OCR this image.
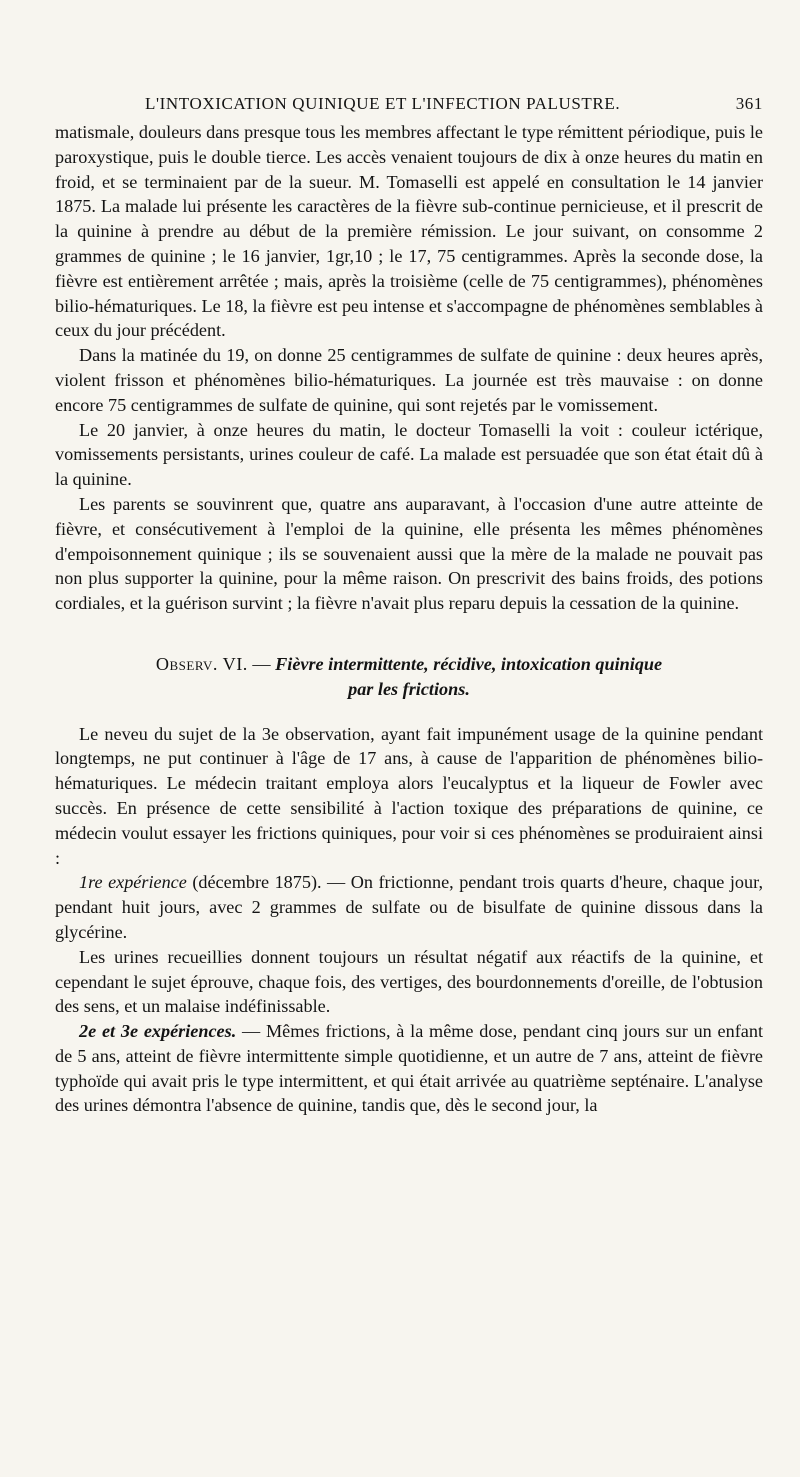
L'INTOXICATION QUINIQUE ET L'INFECTION PALUSTRE.	361

matismale, douleurs dans presque tous les membres affectant le type rémittent périodique, puis le paroxystique, puis le double tierce. Les accès venaient toujours de dix à onze heures du matin en froid, et se terminaient par de la sueur. M. Tomaselli est appelé en consultation le 14 janvier 1875. La malade lui présente les caractères de la fièvre sub-continue pernicieuse, et il prescrit de la quinine à prendre au début de la première rémission. Le jour suivant, on consomme 2 grammes de quinine ; le 16 janvier, 1gr,10 ; le 17, 75 centigrammes. Après la seconde dose, la fièvre est entièrement arrêtée ; mais, après la troisième (celle de 75 centigrammes), phénomènes bilio-hématuriques. Le 18, la fièvre est peu intense et s'accompagne de phénomènes semblables à ceux du jour précédent.

Dans la matinée du 19, on donne 25 centigrammes de sulfate de quinine : deux heures après, violent frisson et phénomènes bilio-hématuriques. La journée est très mauvaise : on donne encore 75 centigrammes de sulfate de quinine, qui sont rejetés par le vomissement.

Le 20 janvier, à onze heures du matin, le docteur Tomaselli la voit : couleur ictérique, vomissements persistants, urines couleur de café. La malade est persuadée que son état était dû à la quinine.

Les parents se souvinrent que, quatre ans auparavant, à l'occasion d'une autre atteinte de fièvre, et consécutivement à l'emploi de la quinine, elle présenta les mêmes phénomènes d'empoisonnement quinique ; ils se souvenaient aussi que la mère de la malade ne pouvait pas non plus supporter la quinine, pour la même raison. On prescrivit des bains froids, des potions cordiales, et la guérison survint ; la fièvre n'avait plus reparu depuis la cessation de la quinine.

Observ. VI. — Fièvre intermittente, récidive, intoxication quinique
par les frictions.

Le neveu du sujet de la 3e observation, ayant fait impunément usage de la quinine pendant longtemps, ne put continuer à l'âge de 17 ans, à cause de l'apparition de phénomènes bilio-hématuriques. Le médecin traitant employa alors l'eucalyptus et la liqueur de Fowler avec succès. En présence de cette sensibilité à l'action toxique des préparations de quinine, ce médecin voulut essayer les frictions quiniques, pour voir si ces phénomènes se produiraient ainsi :

1re expérience (décembre 1875). — On frictionne, pendant trois quarts d'heure, chaque jour, pendant huit jours, avec 2 grammes de sulfate ou de bisulfate de quinine dissous dans la glycérine.

Les urines recueillies donnent toujours un résultat négatif aux réactifs de la quinine, et cependant le sujet éprouve, chaque fois, des vertiges, des bourdonnements d'oreille, de l'obtusion des sens, et un malaise indéfinissable.

2e et 3e expériences. — Mêmes frictions, à la même dose, pendant cinq jours sur un enfant de 5 ans, atteint de fièvre intermittente simple quotidienne, et un autre de 7 ans, atteint de fièvre typhoïde qui avait pris le type intermittent, et qui était arrivée au quatrième septénaire. L'analyse des urines démontra l'absence de quinine, tandis que, dès le second jour, la
